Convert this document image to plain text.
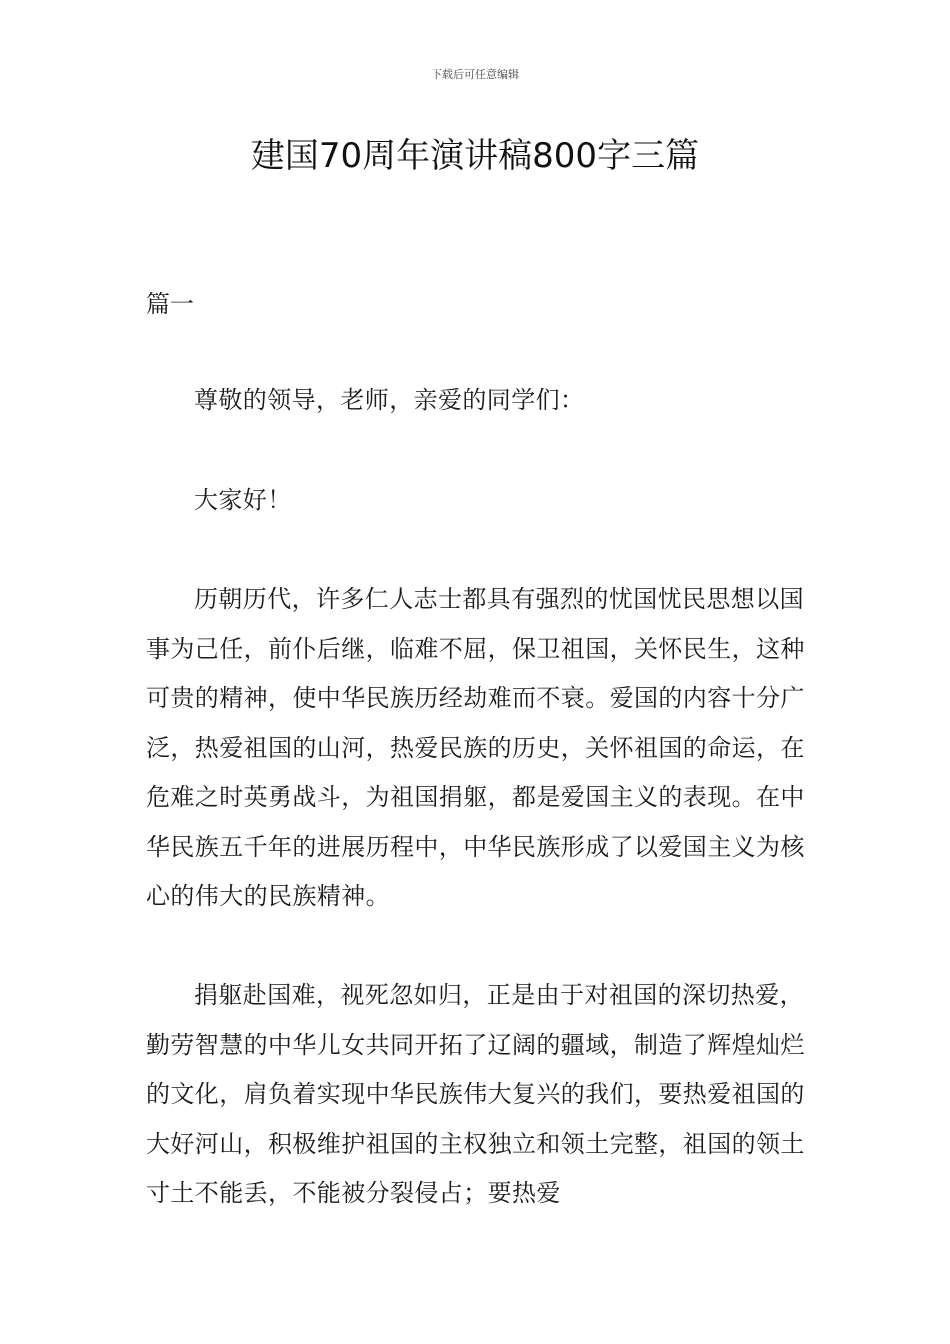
下载后可任意编辑
建国70周年演讲稿800字三篇
篇一

尊敬的领导，老师，亲爱的同学们：

大家好！

历朝历代，许多仁人志士都具有强烈的忧国忧民思想以国事为己任，前仆后继，临难不屈，保卫祖国，关怀民生，这种可贵的精神，使中华民族历经劫难而不衰。爱国的内容十分广泛，热爱祖国的山河，热爱民族的历史，关怀祖国的命运，在危难之时英勇战斗，为祖国捐躯，都是爱国主义的表现。在中华民族五千年的进展历程中，中华民族形成了以爱国主义为核心的伟大的民族精神。

捐躯赴国难，视死忽如归，正是由于对祖国的深切热爱，勤劳智慧的中华儿女共同开拓了辽阔的疆域，制造了辉煌灿烂的文化，肩负着实现中华民族伟大复兴的我们，要热爱祖国的大好河山，积极维护祖国的主权独立和领土完整，祖国的领土寸土不能丢，不能被分裂侵占；要热爱
